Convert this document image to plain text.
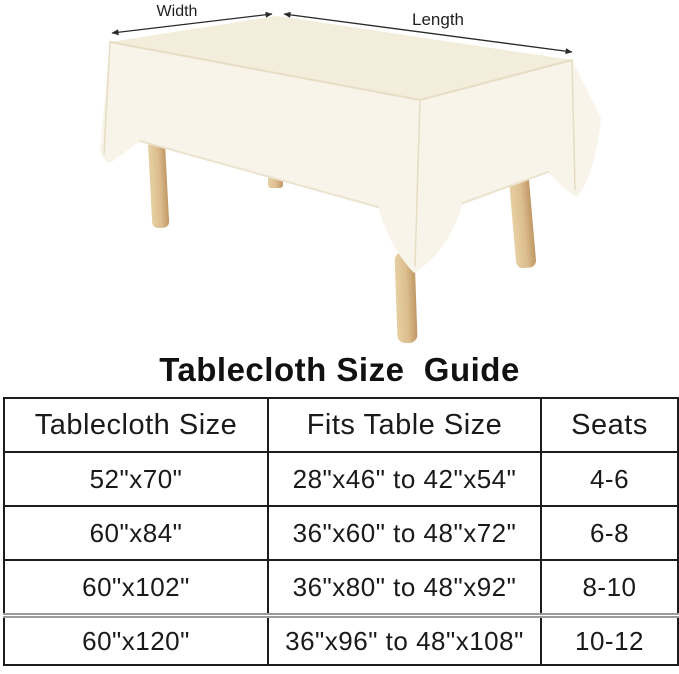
Width	Length
Tablecloth Size  Guide
Tablecloth Size	Fits Table Size	Seats
52"x70"	28"x46" to 42"x54"	4-6
60"x84"	36"x60" to 48"x72"	6-8
60"x102"	36"x80" to 48"x92"	8-10
60"x120"	36"x96" to 48"x108"	10-12
